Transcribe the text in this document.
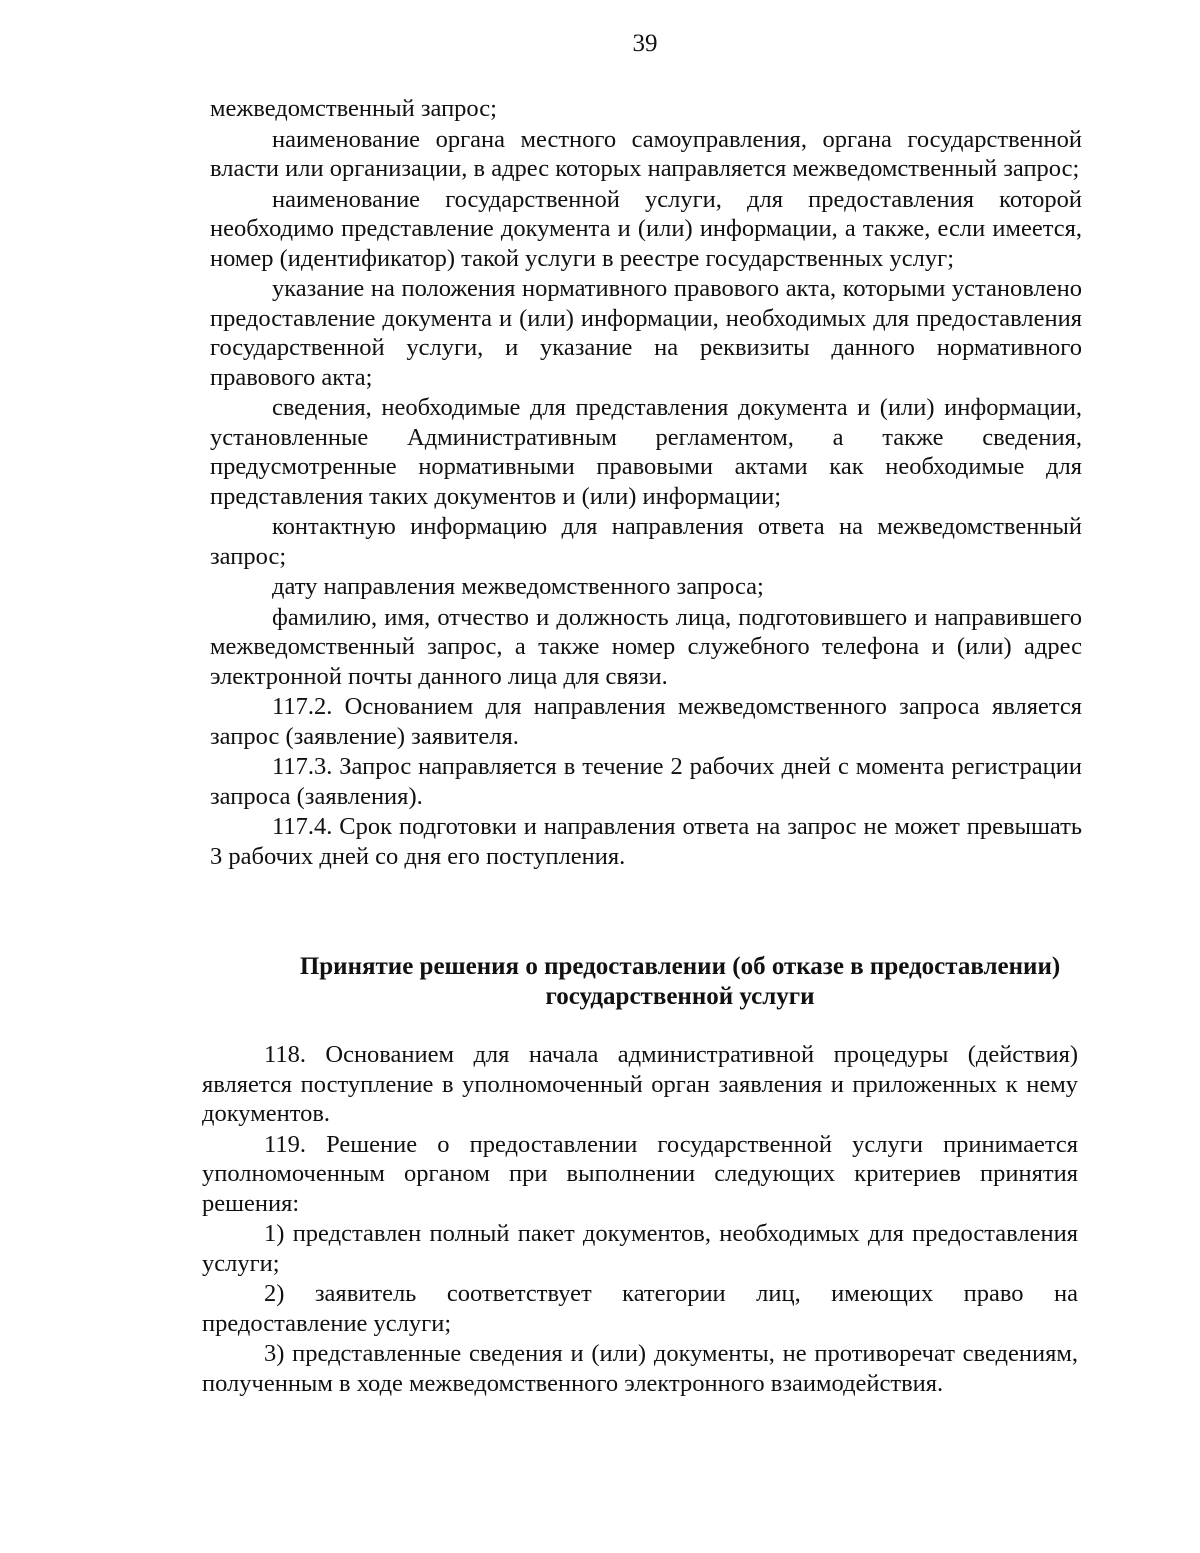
39

межведомственный запрос;

наименование органа местного самоуправления, органа государственной власти или организации, в адрес которых направляется межведомственный запрос;

наименование государственной услуги, для предоставления которой необходимо представление документа и (или) информации, а также, если имеется, номер (идентификатор) такой услуги в реестре государственных услуг;

указание на положения нормативного правового акта, которыми установлено предоставление документа и (или) информации, необходимых для предоставления государственной услуги, и указание на реквизиты данного нормативного правового акта;

сведения, необходимые для представления документа и (или) информации, установленные Административным регламентом, а также сведения, предусмотренные нормативными правовыми актами как необходимые для представления таких документов и (или) информации;

контактную информацию для направления ответа на межведомственный запрос;

дату направления межведомственного запроса;

фамилию, имя, отчество и должность лица, подготовившего и направившего межведомственный запрос, а также номер служебного телефона и (или) адрес электронной почты данного лица для связи.

117.2. Основанием для направления межведомственного запроса является запрос (заявление) заявителя.

117.3. Запрос направляется в течение 2 рабочих дней с момента регистрации запроса (заявления).

117.4. Срок подготовки и направления ответа на запрос не может превышать 3 рабочих дней со дня его поступления.

Принятие решения о предоставлении (об отказе в предоставлении)
государственной услуги

118. Основанием для начала административной процедуры (действия) является поступление в уполномоченный орган заявления и приложенных к нему документов.

119. Решение о предоставлении государственной услуги принимается уполномоченным органом при выполнении следующих критериев принятия решения:

1) представлен полный пакет документов, необходимых для предоставления услуги;

2) заявитель соответствует категории лиц, имеющих право на предоставление услуги;

3) представленные сведения и (или) документы, не противоречат сведениям, полученным в ходе межведомственного электронного взаимодействия.
